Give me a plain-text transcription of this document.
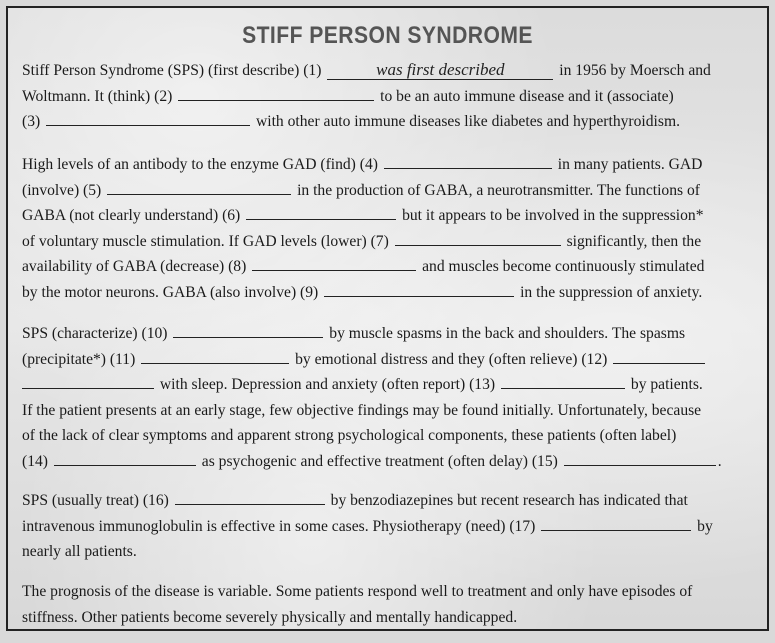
STIFF PERSON SYNDROME
Stiff Person Syndrome (SPS) (first describe) (1)	was first described	in 1956 by Moersch and
Woltmann. It (think) (2)	to be an auto immune disease and it (associate)
(3)	with other auto immune diseases like diabetes and hyperthyroidism.
High levels of an antibody to the enzyme GAD (find) (4)	in many patients. GAD
(involve) (5)	in the production of GABA, a neurotransmitter. The functions of
GABA (not clearly understand) (6)	but it appears to be involved in the suppression*
of voluntary muscle stimulation. If GAD levels (lower) (7)	significantly, then the
availability of GABA (decrease) (8)	and muscles become continuously stimulated
by the motor neurons. GABA (also involve) (9)	in the suppression of anxiety.
SPS (characterize) (10)	by muscle spasms in the back and shoulders. The spasms
(precipitate*) (11)	by emotional distress and they (often relieve) (12)
with sleep. Depression and anxiety (often report) (13)	by patients.
If the patient presents at an early stage, few objective findings may be found initially. Unfortunately, because
of the lack of clear symptoms and apparent strong psychological components, these patients (often label)
(14)	as psychogenic and effective treatment (often delay) (15)	.
SPS (usually treat) (16)	by benzodiazepines but recent research has indicated that
intravenous immunoglobulin is effective in some cases. Physiotherapy (need) (17)	by
nearly all patients.
The prognosis of the disease is variable. Some patients respond well to treatment and only have episodes of
stiffness. Other patients become severely physically and mentally handicapped.
